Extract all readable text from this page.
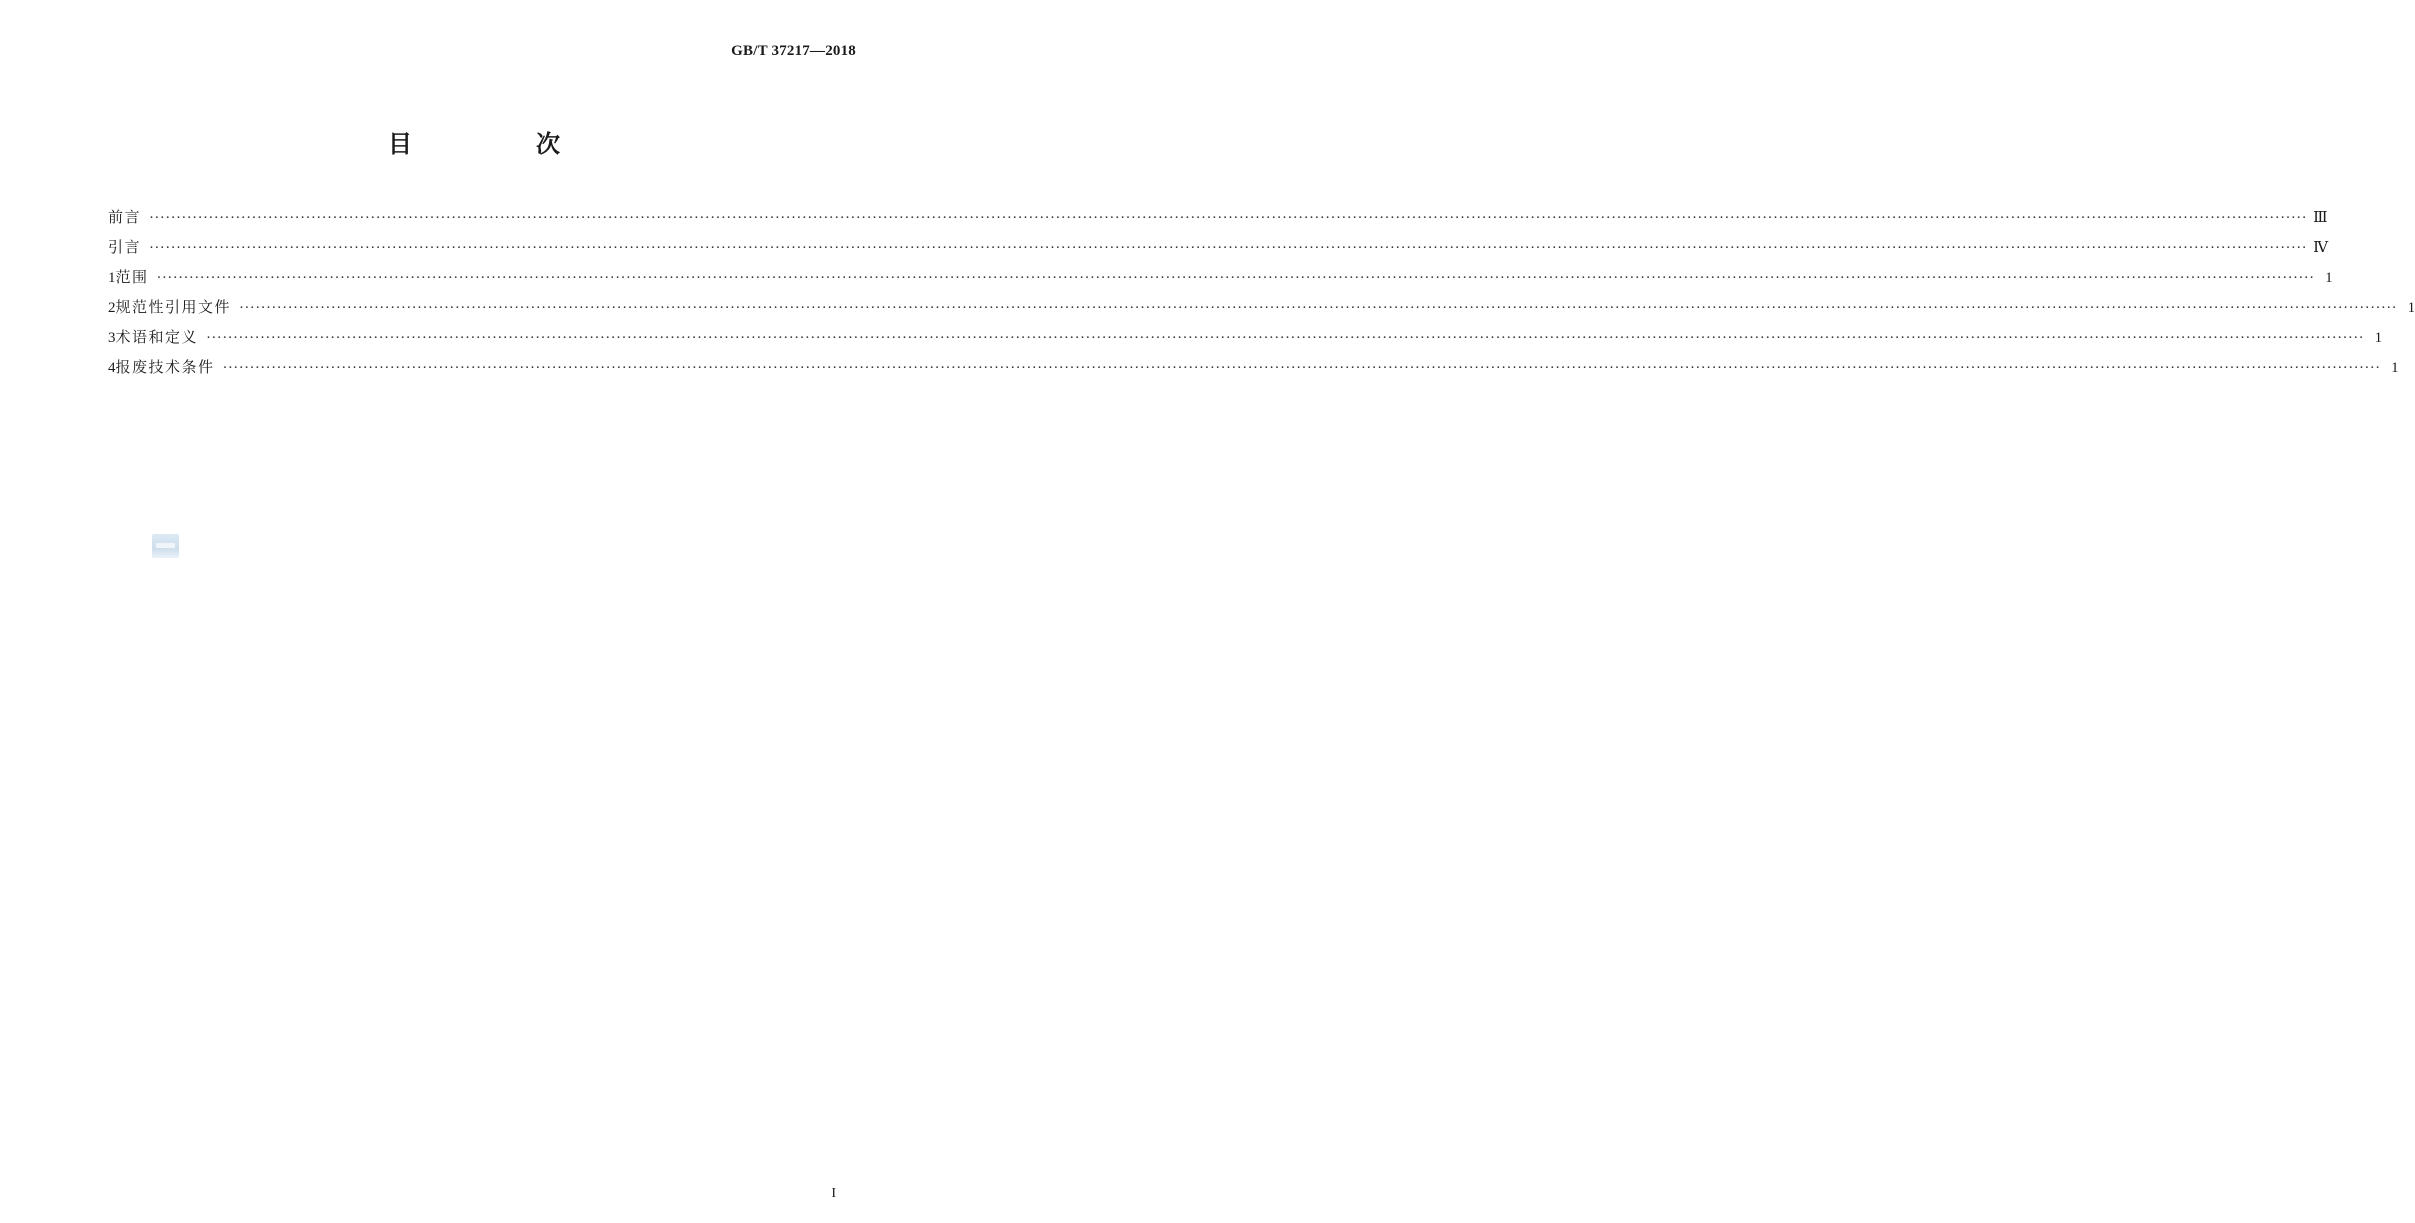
GB/T 37217—2018
目　次
前言 ················································································································································································································································································································································································································ Ⅲ
引言 ················································································································································································································································································································································································································ Ⅳ
1 范围 ················································································································································································································································································································································································································ 1
2 规范性引用文件 ················································································································································································································································································································································································································ 1
3 术语和定义 ················································································································································································································································································································································································································ 1
4 报废技术条件 ················································································································································································································································································································································································································ 1
I
